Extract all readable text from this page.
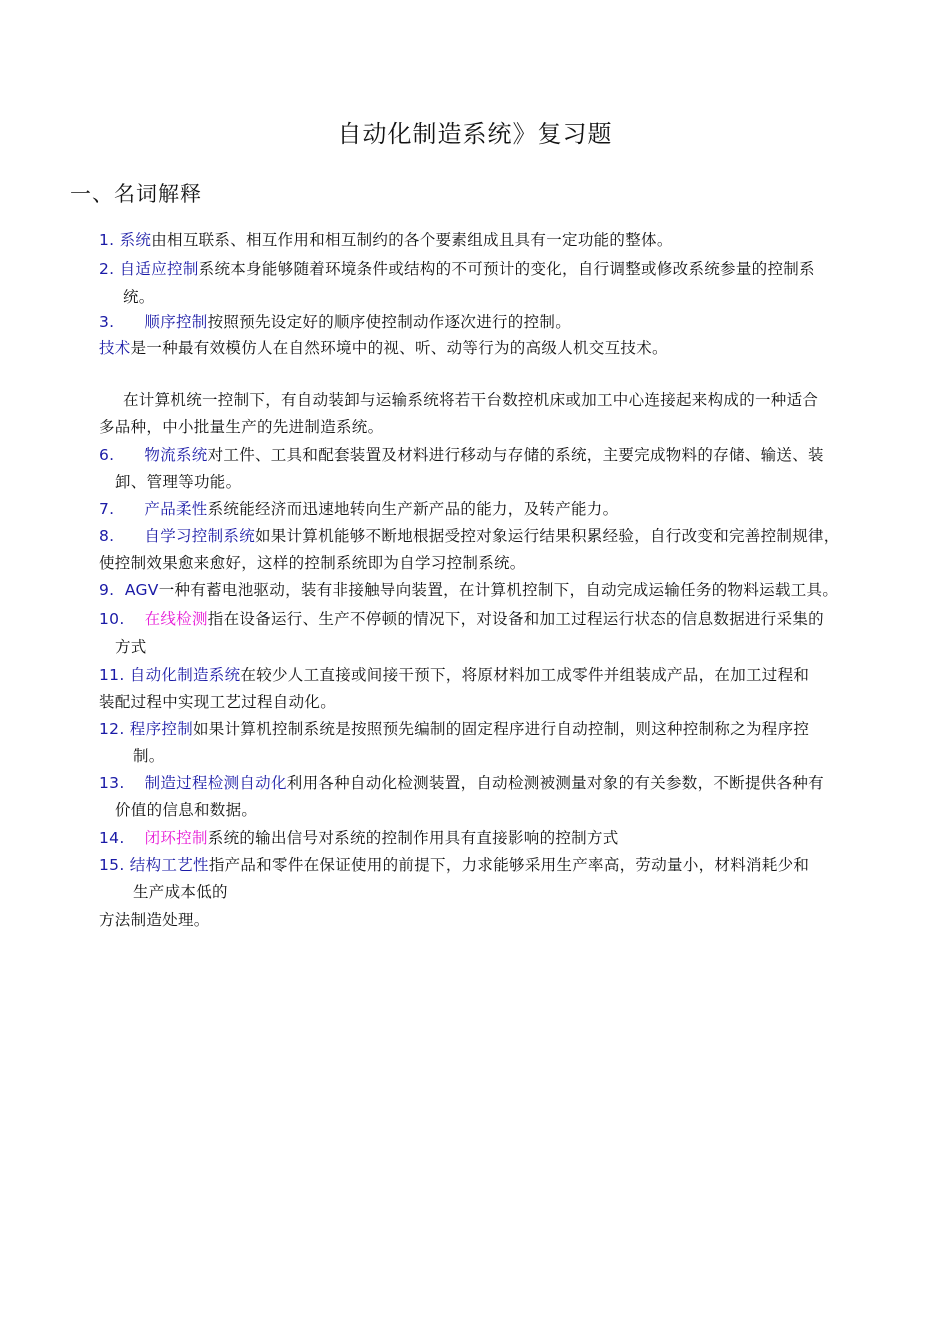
自动化制造系统》复习题
一、名词解释
1. 系统由相互联系、相互作用和相互制约的各个要素组成且具有一定功能的整体。
2. 自适应控制系统本身能够随着环境条件或结构的不可预计的变化，自行调整或修改系统参量的控制系
统。
3. 顺序控制按照预先设定好的顺序使控制动作逐次进行的控制。
技术是一种最有效模仿人在自然环境中的视、听、动等行为的高级人机交互技术。
在计算机统一控制下，有自动装卸与运输系统将若干台数控机床或加工中心连接起来构成的一种适合
多品种，中小批量生产的先进制造系统。
6. 物流系统对工件、工具和配套装置及材料进行移动与存储的系统，主要完成物料的存储、输送、装
卸、管理等功能。
7. 产品柔性系统能经济而迅速地转向生产新产品的能力，及转产能力。
8. 自学习控制系统如果计算机能够不断地根据受控对象运行结果积累经验，自行改变和完善控制规律，
使控制效果愈来愈好，这样的控制系统即为自学习控制系统。
9. AGV一种有蓄电池驱动，装有非接触导向装置，在计算机控制下，自动完成运输任务的物料运载工具。
10. 在线检测指在设备运行、生产不停顿的情况下，对设备和加工过程运行状态的信息数据进行采集的
方式
11. 自动化制造系统在较少人工直接或间接干预下，将原材料加工成零件并组装成产品，在加工过程和
装配过程中实现工艺过程自动化。
12. 程序控制如果计算机控制系统是按照预先编制的固定程序进行自动控制，则这种控制称之为程序控
制。
13. 制造过程检测自动化利用各种自动化检测装置，自动检测被测量对象的有关参数，不断提供各种有
价值的信息和数据。
14. 闭环控制系统的输出信号对系统的控制作用具有直接影响的控制方式
15. 结构工艺性指产品和零件在保证使用的前提下，力求能够采用生产率高，劳动量小，材料消耗少和
生产成本低的
方法制造处理。
